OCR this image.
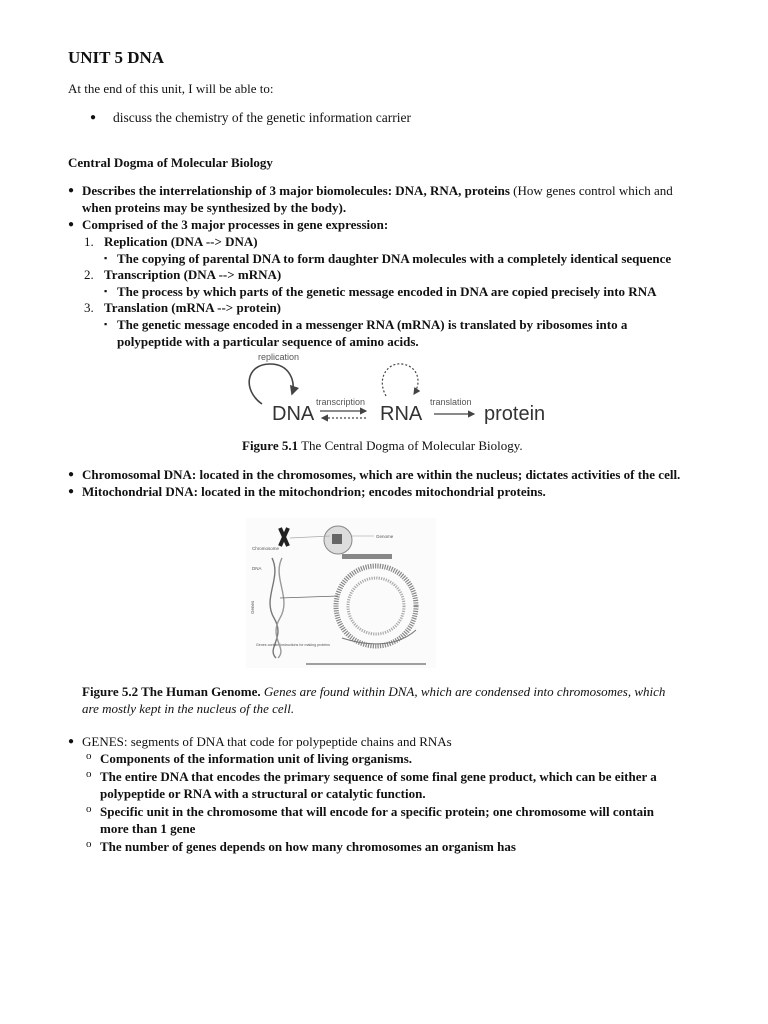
UNIT 5 DNA
At the end of this unit, I will be able to:
● discuss the chemistry of the genetic information carrier
Central Dogma of Molecular Biology
● Describes the interrelationship of 3 major biomolecules: DNA, RNA, proteins (How genes control which and
when proteins may be synthesized by the body).
● Comprised of the 3 major processes in gene expression:
1. Replication (DNA --> DNA)
▪ The copying of parental DNA to form daughter DNA molecules with a completely identical sequence
2. Transcription (DNA --> mRNA)
▪ The process by which parts of the genetic message encoded in DNA are copied precisely into RNA
3. Translation (mRNA --> protein)
▪ The genetic message encoded in a messenger RNA (mRNA) is translated by ribosomes into a
polypeptide with a particular sequence of amino acids.
replication
DNA
transcription
RNA
translation
protein
Figure 5.1 The Central Dogma of Molecular Biology.
● Chromosomal DNA: located in the chromosomes, which are within the nucleus; dictates activities of the cell.
● Mitochondrial DNA: located in the mitochondrion; encodes mitochondrial proteins.
Genome
Chromosome
DNA
Genes
Genes contain instructions for making proteins
Figure 5.2 The Human Genome. Genes are found within DNA, which are condensed into chromosomes, which
are mostly kept in the nucleus of the cell.
● GENES: segments of DNA that code for polypeptide chains and RNAs
o Components of the information unit of living organisms.
o The entire DNA that encodes the primary sequence of some final gene product, which can be either a
polypeptide or RNA with a structural or catalytic function.
o Specific unit in the chromosome that will encode for a specific protein; one chromosome will contain
more than 1 gene
o The number of genes depends on how many chromosomes an organism has
